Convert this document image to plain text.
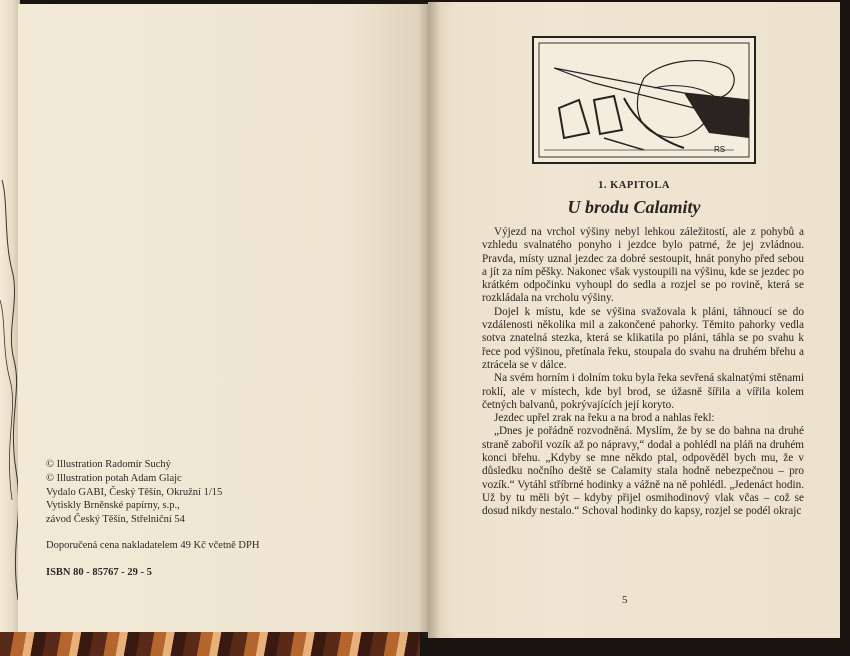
© Illustration Radomír Suchý
© Illustration potah Adam Glajc
Vydalo GABI, Český Těšín, Okružní 1/15
Vytiskly Brněnské papírny, s.p.,
závod Český Těšín, Střelniční 54
Doporučená cena nakladatelem 49 Kč včetně DPH
ISBN 80 - 85767 - 29 - 5
RS
1. KAPITOLA
U brodu Calamity

Výjezd na vrchol výšiny nebyl lehkou záležitostí, ale z pohybů a vzhledu svalnatého ponyho i jezdce bylo patrné, že jej zvládnou. Pravda, místy uznal jezdec za dobré sestoupit, hnát ponyho před sebou a jít za ním pěšky. Nakonec však vystoupili na výšinu, kde se jezdec po krátkém odpočinku vyhoupl do sedla a rozjel se po rovině, která se rozkládala na vrcholu výšiny.

Dojel k místu, kde se výšina svažovala k pláni, táhnoucí se do vzdálenosti několika mil a zakončené pahorky. Těmito pahorky vedla sotva znatelná stezka, která se klikatila po pláni, táhla se po svahu k řece pod výšinou, přetínala řeku, stoupala do svahu na druhém břehu a ztrácela se v dálce.

Na svém horním i dolním toku byla řeka sevřená skalnatými stěnami roklí, ale v místech, kde byl brod, se úžasně šířila a vířila kolem četných balvanů, pokrývajících její koryto.

Jezdec upřel zrak na řeku a na brod a nahlas řekl:

„Dnes je pořádně rozvodněná. Myslím, že by se do bahna na druhé straně zabořil vozík až po nápravy,“ dodal a pohlédl na pláň na druhém konci břehu. „Kdyby se mne někdo ptal, odpověděl bych mu, že v důsledku nočního deště se Calamity stala hodně nebezpečnou – pro vozík.“ Vytáhl stříbrné hodinky a vážně na ně pohlédl. „Jedenáct hodin. Už by tu měli být – kdyby přijel osmihodinový vlak včas – což se dosud nikdy nestalo.“ Schoval hodinky do kapsy, rozjel se podél okrajc

5
